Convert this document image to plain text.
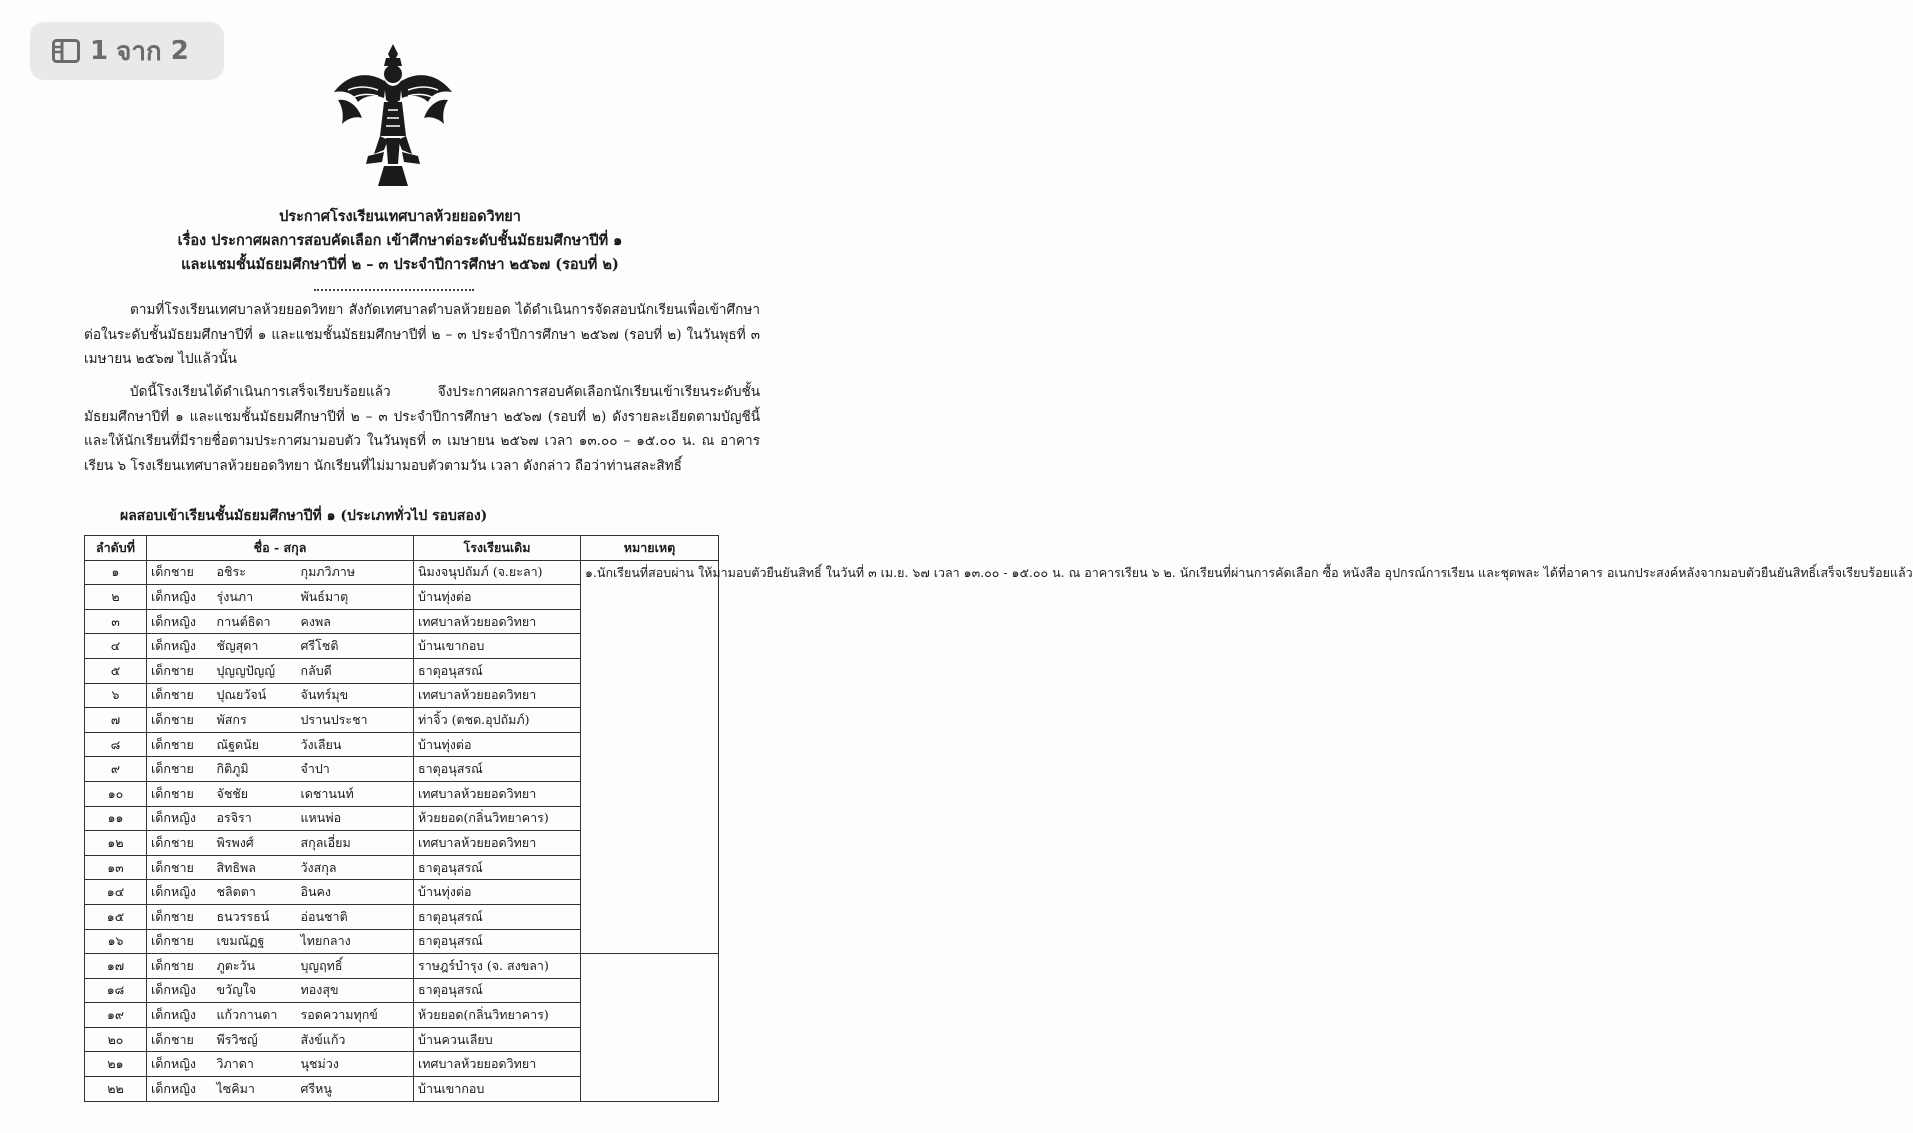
1 จาก
2
ประกาศโรงเรียนเทศบาลห้วยยอดวิทยา
เรื่อง ประกาศผลการสอบคัดเลือก เข้าศึกษาต่อระดับชั้นมัธยมศึกษาปีที่ ๑
และแชมชั้นมัธยมศึกษาปีที่ ๒ – ๓ ประจำปีการศึกษา ๒๕๖๗ (รอบที่ ๒)
ตามที่โรงเรียนเทศบาลห้วยยอดวิทยา สังกัดเทศบาลตำบลห้วยยอด ได้ดำเนินการจัดสอบนักเรียนเพื่อเข้าศึกษาต่อในระดับชั้นมัธยมศึกษาปีที่ ๑ และแชมชั้นมัธยมศึกษาปีที่ ๒ – ๓ ประจำปีการศึกษา ๒๕๖๗ (รอบที่ ๒) ในวันพุธที่ ๓ เมษายน ๒๕๖๗ ไปแล้วนั้น
บัดนี้โรงเรียนได้ดำเนินการเสร็จเรียบร้อยแล้ว จึงประกาศผลการสอบคัดเลือกนักเรียนเข้าเรียนระดับชั้นมัธยมศึกษาปีที่ ๑ และแชมชั้นมัธยมศึกษาปีที่ ๒ – ๓ ประจำปีการศึกษา ๒๕๖๗ (รอบที่ ๒) ดังรายละเอียดตามบัญชีนี้ และให้นักเรียนที่มีรายชื่อตามประกาศมามอบตัว ในวันพุธที่ ๓ เมษายน ๒๕๖๗ เวลา ๑๓.๐๐ – ๑๕.๐๐ น. ณ อาคารเรียน ๖ โรงเรียนเทศบาลห้วยยอดวิทยา นักเรียนที่ไม่มามอบตัวตามวัน เวลา ดังกล่าว ถือว่าท่านสละสิทธิ์
ผลสอบเข้าเรียนชั้นมัธยมศึกษาปีที่ ๑ (ประเภททั่วไป รอบสอง)
ลำดับที่	ชื่อ - สกุล			โรงเรียนเดิม	หมายเหตุ
๑	เด็กชาย	อชิระ	กุมภวิภาษ	นิมงจนุปถัมภ์ (จ.ยะลา)	๑.นักเรียนที่สอบผ่าน ให้มามอบตัวยืนยันสิทธิ์ ในวันที่ ๓ เม.ย. ๖๗ เวลา ๑๓.๐๐ - ๑๕.๐๐ น. ณ อาคารเรียน ๖ ๒. นักเรียนที่ผ่านการคัดเลือก ซื้อ หนังสือ อุปกรณ์การเรียน และชุดพละ ได้ที่อาคาร อเนกประสงค์หลังจากมอบตัวยืนยันสิทธิ์เสร็จเรียบร้อยแล้ว
๒	เด็กหญิง	รุ่งนภา	พันธ์มาตุ	บ้านทุ่งต่อ	
๓	เด็กหญิง	กานต์ธิดา	คงพล	เทศบาลห้วยยอดวิทยา	
๔	เด็กหญิง	ชัญสุดา	ศรีโชติ	บ้านเขากอบ	
๕	เด็กชาย	ปุญญปัญญ์	กลับดี	ธาตุอนุสรณ์	
๖	เด็กชาย	ปุณยวัจน์	จันทร์มุข	เทศบาลห้วยยอดวิทยา	
๗	เด็กชาย	พัสกร	ปรานประชา	ท่าจิ้ว (ตชด.อุปถัมภ์)	
๘	เด็กชาย	ณัฐดนัย	วังเลียน	บ้านทุ่งต่อ	
๙	เด็กชาย	กิติภูมิ	จำปา	ธาตุอนุสรณ์	
๑๐	เด็กชาย	จัชชัย	เดชานนท์	เทศบาลห้วยยอดวิทยา	
๑๑	เด็กหญิง	อรจิรา	แหนพ่อ	ห้วยยอด(กลิ่นวิทยาคาร)	
๑๒	เด็กชาย	พิรพงศ์	สกุลเอี่ยม	เทศบาลห้วยยอดวิทยา	
๑๓	เด็กชาย	สิทธิพล	วังสกุล	ธาตุอนุสรณ์	
๑๔	เด็กหญิง	ชลิตตา	อินคง	บ้านทุ่งต่อ	
๑๕	เด็กชาย	ธนวรรธน์	อ่อนชาติ	ธาตุอนุสรณ์	
๑๖	เด็กชาย	เขมณัฏฐ	ไทยกลาง	ธาตุอนุสรณ์	
๑๗	เด็กชาย	ภูตะวัน	บุญฤทธิ์	ราษฎร์บำรุง (จ. สงขลา)	
๑๘	เด็กหญิง	ขวัญใจ	ทองสุข	ธาตุอนุสรณ์	
๑๙	เด็กหญิง	แก้วกานดา	รอดความทุกข์	ห้วยยอด(กลิ่นวิทยาคาร)	
๒๐	เด็กชาย	พีรวิชญ์	สังข์แก้ว	บ้านควนเลียบ	
๒๑	เด็กหญิง	วิภาดา	นุชม่วง	เทศบาลห้วยยอดวิทยา	
๒๒	เด็กหญิง	ไซคิมา	ศรีหนู	บ้านเขากอบ	
